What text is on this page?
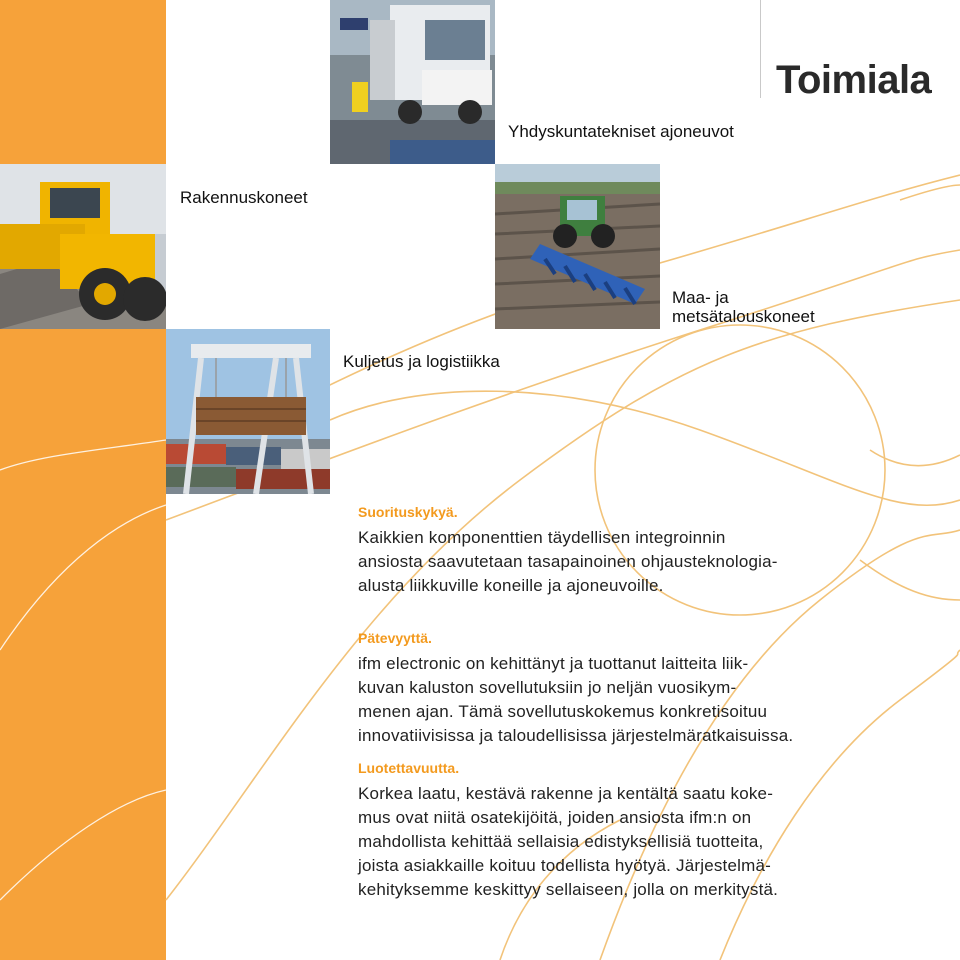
Toimiala
Yhdyskuntatekniset ajoneuvot
Rakennuskoneet
Maa- ja
metsätalouskoneet
Kuljetus ja logistiikka
Suorituskykyä.
Kaikkien komponenttien täydellisen integroinnin
ansiosta saavutetaan tasapainoinen ohjausteknologia-
alusta liikkuville koneille ja ajoneuvoille.
Pätevyyttä.
ifm electronic on kehittänyt ja tuottanut laitteita liik-
kuvan kaluston sovellutuksiin jo neljän vuosikym-
menen ajan. Tämä sovellutuskokemus konkretisoituu
innovatiivisissa ja taloudellisissa järjestelmäratkaisuissa.
Luotettavuutta.
Korkea laatu, kestävä rakenne ja kentältä saatu koke-
mus ovat niitä osatekijöitä, joiden ansiosta ifm:n on
mahdollista kehittää sellaisia edistyksellisiä tuotteita,
joista asiakkaille koituu todellista hyötyä. Järjestelmä-
kehityksemme keskittyy sellaiseen, jolla on merkitystä.
